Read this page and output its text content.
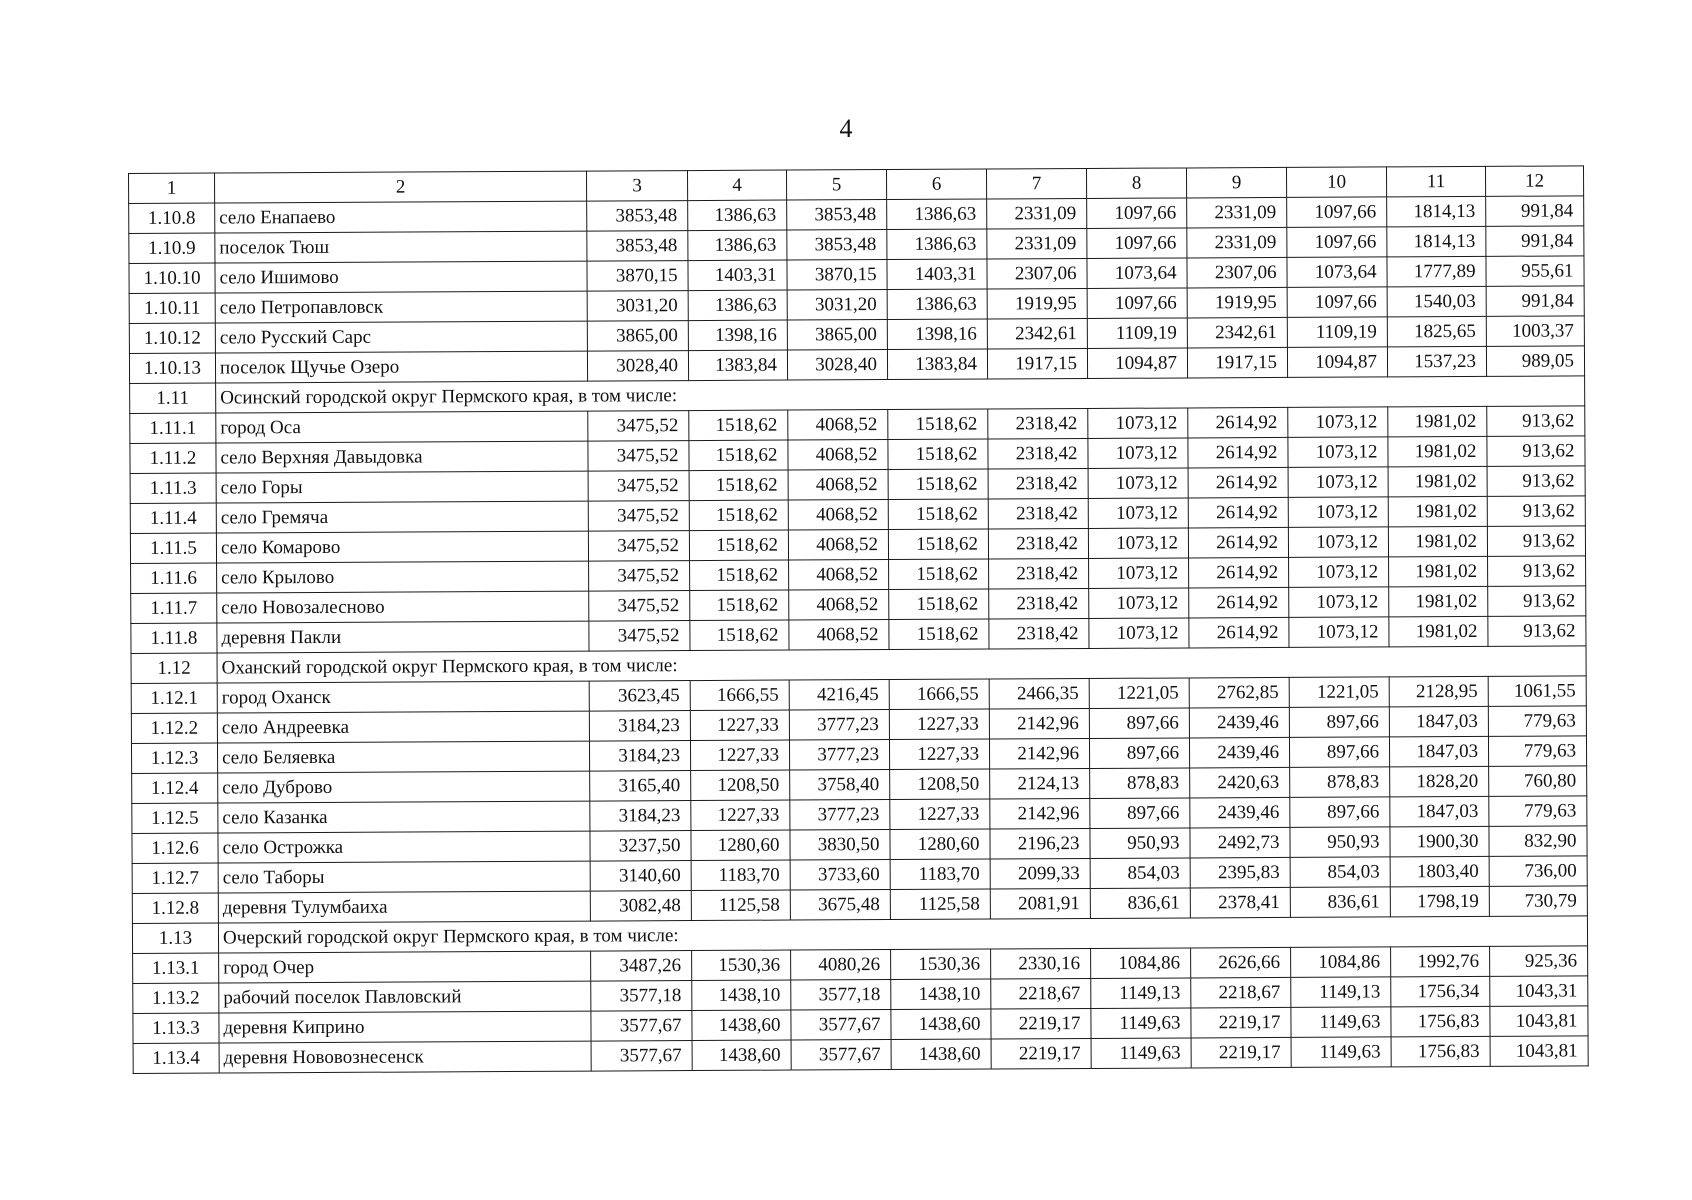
4
1	2	3	4	5	6	7	8	9	10	11	12
1.10.8	село Енапаево	3853,48	1386,63	3853,48	1386,63	2331,09	1097,66	2331,09	1097,66	1814,13	991,84
1.10.9	поселок Тюш	3853,48	1386,63	3853,48	1386,63	2331,09	1097,66	2331,09	1097,66	1814,13	991,84
1.10.10	село Ишимово	3870,15	1403,31	3870,15	1403,31	2307,06	1073,64	2307,06	1073,64	1777,89	955,61
1.10.11	село Петропавловск	3031,20	1386,63	3031,20	1386,63	1919,95	1097,66	1919,95	1097,66	1540,03	991,84
1.10.12	село Русский Сарс	3865,00	1398,16	3865,00	1398,16	2342,61	1109,19	2342,61	1109,19	1825,65	1003,37
1.10.13	поселок Щучье Озеро	3028,40	1383,84	3028,40	1383,84	1917,15	1094,87	1917,15	1094,87	1537,23	989,05
1.11	Осинский городской округ Пермского края, в том числе:										
1.11.1	город Оса	3475,52	1518,62	4068,52	1518,62	2318,42	1073,12	2614,92	1073,12	1981,02	913,62
1.11.2	село Верхняя Давыдовка	3475,52	1518,62	4068,52	1518,62	2318,42	1073,12	2614,92	1073,12	1981,02	913,62
1.11.3	село Горы	3475,52	1518,62	4068,52	1518,62	2318,42	1073,12	2614,92	1073,12	1981,02	913,62
1.11.4	село Гремяча	3475,52	1518,62	4068,52	1518,62	2318,42	1073,12	2614,92	1073,12	1981,02	913,62
1.11.5	село Комарово	3475,52	1518,62	4068,52	1518,62	2318,42	1073,12	2614,92	1073,12	1981,02	913,62
1.11.6	село Крылово	3475,52	1518,62	4068,52	1518,62	2318,42	1073,12	2614,92	1073,12	1981,02	913,62
1.11.7	село Новозалесново	3475,52	1518,62	4068,52	1518,62	2318,42	1073,12	2614,92	1073,12	1981,02	913,62
1.11.8	деревня Пакли	3475,52	1518,62	4068,52	1518,62	2318,42	1073,12	2614,92	1073,12	1981,02	913,62
1.12	Оханский городской округ Пермского края, в том числе:										
1.12.1	город Оханск	3623,45	1666,55	4216,45	1666,55	2466,35	1221,05	2762,85	1221,05	2128,95	1061,55
1.12.2	село Андреевка	3184,23	1227,33	3777,23	1227,33	2142,96	897,66	2439,46	897,66	1847,03	779,63
1.12.3	село Беляевка	3184,23	1227,33	3777,23	1227,33	2142,96	897,66	2439,46	897,66	1847,03	779,63
1.12.4	село Дуброво	3165,40	1208,50	3758,40	1208,50	2124,13	878,83	2420,63	878,83	1828,20	760,80
1.12.5	село Казанка	3184,23	1227,33	3777,23	1227,33	2142,96	897,66	2439,46	897,66	1847,03	779,63
1.12.6	село Острожка	3237,50	1280,60	3830,50	1280,60	2196,23	950,93	2492,73	950,93	1900,30	832,90
1.12.7	село Таборы	3140,60	1183,70	3733,60	1183,70	2099,33	854,03	2395,83	854,03	1803,40	736,00
1.12.8	деревня Тулумбаиха	3082,48	1125,58	3675,48	1125,58	2081,91	836,61	2378,41	836,61	1798,19	730,79
1.13	Очерский городской округ Пермского края, в том числе:										
1.13.1	город Очер	3487,26	1530,36	4080,26	1530,36	2330,16	1084,86	2626,66	1084,86	1992,76	925,36
1.13.2	рабочий поселок Павловский	3577,18	1438,10	3577,18	1438,10	2218,67	1149,13	2218,67	1149,13	1756,34	1043,31
1.13.3	деревня Киприно	3577,67	1438,60	3577,67	1438,60	2219,17	1149,63	2219,17	1149,63	1756,83	1043,81
1.13.4	деревня Нововознесенск	3577,67	1438,60	3577,67	1438,60	2219,17	1149,63	2219,17	1149,63	1756,83	1043,81
